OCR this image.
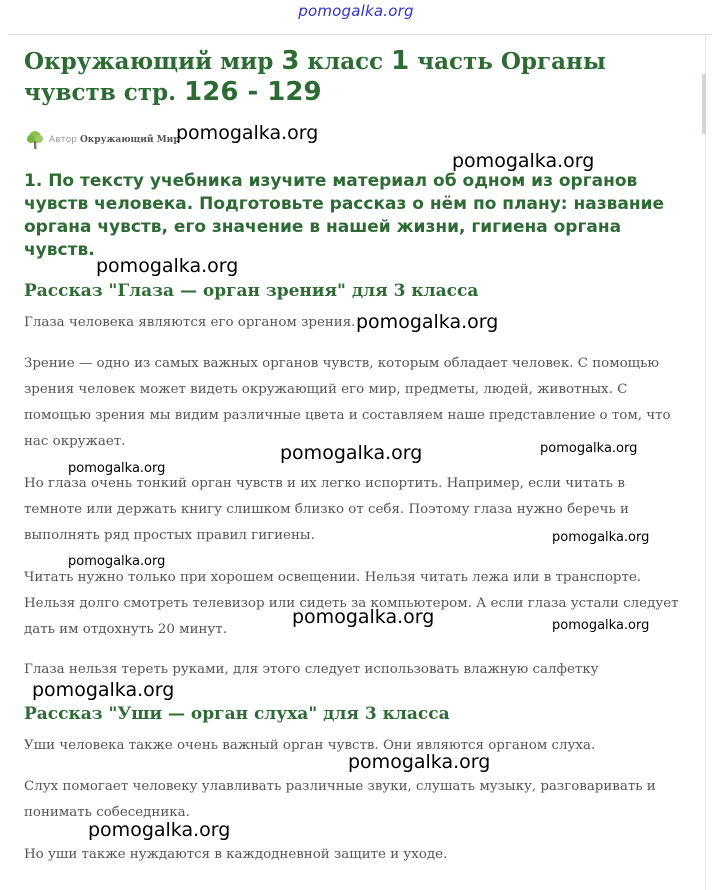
pomogalka.org
Окружающий мир 3 класс 1 часть Органы чувств стр. 126 - 129
Автор Окружающий Мир

1. По тексту учебника изучите материал об одном из органов чувств человека. Подготовьте рассказ о нём по плану: название органа чувств, его значение в нашей жизни, гигиена органа чувств.

Рассказ "Глаза — орган зрения" для 3 класса

Глаза человека являются его органом зрения.

Зрение — одно из самых важных органов чувств, которым обладает человек. С помощью зрения человек может видеть окружающий его мир, предметы, людей, животных. С помощью зрения мы видим различные цвета и составляем наше представление о том, что нас окружает.

Но глаза очень тонкий орган чувств и их легко испортить. Например, если читать в темноте или держать книгу слишком близко от себя. Поэтому глаза нужно беречь и выполнять ряд простых правил гигиены.

Читать нужно только при хорошем освещении. Нельзя читать лежа или в транспорте. Нельзя долго смотреть телевизор или сидеть за компьютером. А если глаза устали следует дать им отдохнуть 20 минут.

Глаза нельзя тереть руками, для этого следует использовать влажную салфетку

Рассказ "Уши — орган слуха" для 3 класса

Уши человека также очень важный орган чувств. Они являются органом слуха.

Слух помогает человеку улавливать различные звуки, слушать музыку, разговаривать и понимать собеседника.

Но уши также нуждаются в каждодневной защите и уходе.

pomogalka.org
pomogalka.org
pomogalka.org
pomogalka.org
pomogalka.org	pomogalka.org
pomogalka.org
pomogalka.org
pomogalka.org
pomogalka.org	pomogalka.org
pomogalka.org
pomogalka.org
pomogalka.org
